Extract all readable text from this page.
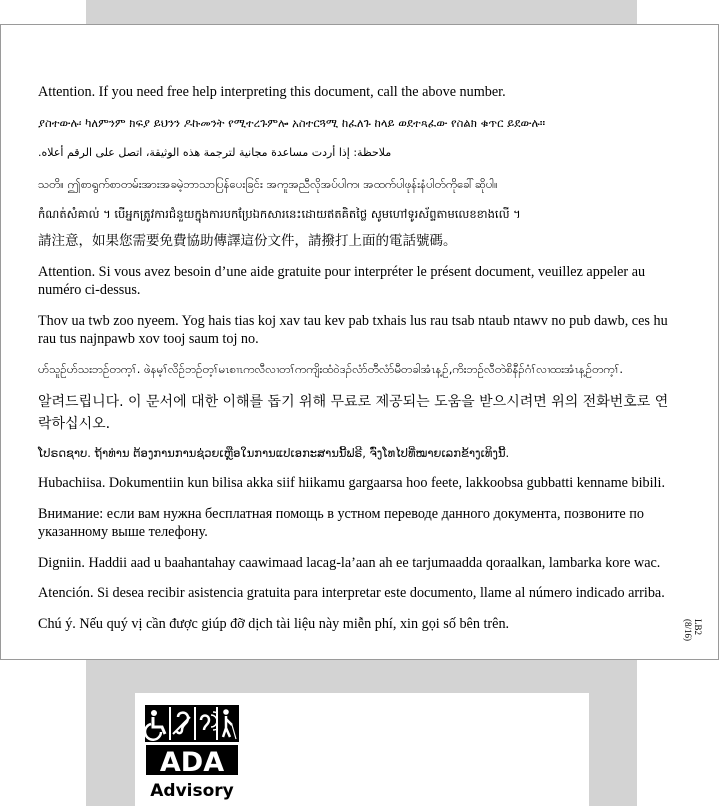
Attention. If you need free help interpreting this document, call the above number.

ያስተውሉ፡ ካለምንም ክፍያ ይህንን ዶኩመንት የሚተረጉምሎ አስተርጓሚ ከፈለጉ ከላይ ወደተጻፈው የስልክ ቁጥር ይደውሉ።

ملاحظة: إذا أردت مساعدة مجانية لترجمة هذه الوثيقة، اتصل على الرقم أعلاه.

သတိ။ ဤစာရွက်စာတမ်းအားအခမဲ့ဘာသာပြန်ပေးခြင်း အကူအညီလိုအပ်ပါက၊ အထက်ပါဖုန်းနံပါတ်ကိုခေါ်ဆိုပါ။

កំណត់សំគាល់ ។ បើអ្នកត្រូវការជំនួយក្នុងការបកប្រែឯកសារនេះដោយឥតគិតថ្លៃ សូមហៅទូរស័ព្ទតាមលេខខាងលើ ។

請注意，如果您需要免費協助傳譯這份文件，請撥打上面的電話號碼。

Attention. Si vous avez besoin d’une aide gratuite pour interpréter le présent document, veuillez appeler au numéro ci-dessus.

Thov ua twb zoo nyeem. Yog hais tias koj xav tau kev pab txhais lus rau tsab ntaub ntawv no pub dawb, ces hu rau tus najnpawb xov tooj saum toj no.

ဟ်သူဉ်ဟ်သးဘဉ်တက့ၢ်. ဖဲနမ့ၢ်လိဉ်ဘဉ်တ့ၢ်မၤစၢၤကလီလၢတၢ်ကကျိးထံဝဲဒၣ်လံာ်တီလံာ်မီတခါအံၤန့ဉ်,ကိးဘဉ်လီတဲစိနီၣ်ဂံၢ်လၢထးအံၤန့ဉ်တက့ၢ်.

알려드립니다. 이 문서에 대한 이해를 돕기 위해 무료로 제공되는 도움을 받으시려면 위의 전화번호로 연락하십시오.

ໂປຣດຊາບ. ຖ້າທ່ານ ຕ້ອງການການຊ່ວຍເຫຼືອໃນການແປເອກະສານນີ້ຟຣີ, ຈົ່ງໂທໄປທີ່ໝາຍເລກຂ້າງເທິງນີ້.

Hubachiisa. Dokumentiin kun bilisa akka siif hiikamu gargaarsa hoo feete, lakkoobsa gubbatti kenname bibili.

Внимание: если вам нужна бесплатная помощь в устном переводе данного документа, позвоните по указанному выше телефону.

Digniin. Haddii aad u baahantahay caawimaad lacag-la’aan ah ee tarjumaadda qoraalkan, lambarka kore wac.

Atención. Si desea recibir asistencia gratuita para interpretar este documento, llame al número indicado arriba.

Chú ý. Nếu quý vị cần được giúp đỡ dịch tài liệu này miễn phí, xin gọi số bên trên.	LB2 (8/16)
ADA
Advisory
